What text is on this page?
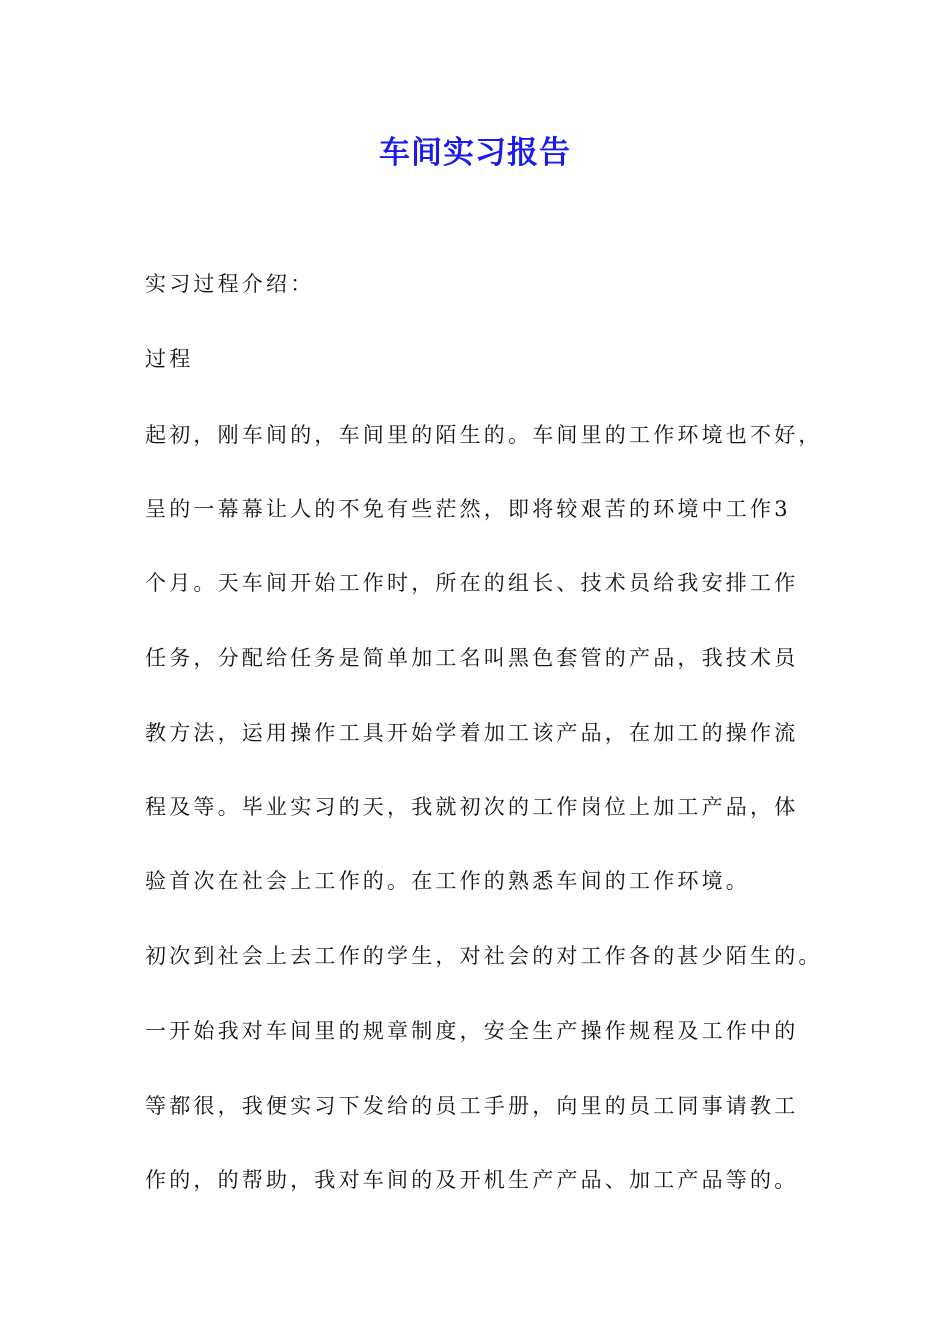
车间实习报告

实习过程介绍：

过程

起初，刚车间的，车间里的陌生的。车间里的工作环境也不好，

呈的一幕幕让人的不免有些茫然，即将较艰苦的环境中工作3

个月。天车间开始工作时，所在的组长、技术员给我安排工作

任务，分配给任务是简单加工名叫黑色套管的产品，我技术员

教方法，运用操作工具开始学着加工该产品，在加工的操作流

程及等。毕业实习的天，我就初次的工作岗位上加工产品，体

验首次在社会上工作的。在工作的熟悉车间的工作环境。

初次到社会上去工作的学生，对社会的对工作各的甚少陌生的。

一开始我对车间里的规章制度，安全生产操作规程及工作中的

等都很，我便实习下发给的员工手册，向里的员工同事请教工

作的，的帮助，我对车间的及开机生产产品、加工产品等的。
